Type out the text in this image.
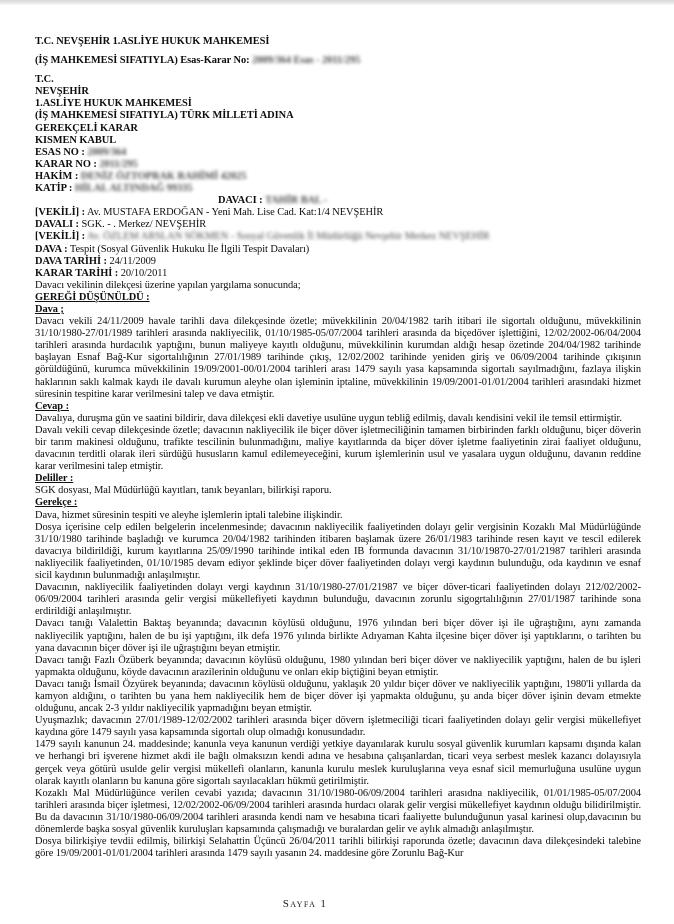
T.C. NEVŞEHİR 1.ASLİYE HUKUK MAHKEMESİ
(İŞ MAHKEMESİ SIFATIYLA) Esas-Karar No: 2009/364 Esas - 2011/295
T.C.
NEVŞEHİR
1.ASLİYE HUKUK MAHKEMESİ
(İŞ MAHKEMESİ SIFATIYLA) TÜRK MİLLETİ ADINA
GEREKÇELİ KARAR
KISMEN KABUL
ESAS NO : 2009/364
KARAR NO : 2011/295
HAKİM : DENİZ ÖZTOPRAK RAHİMİ 42025
KATİP : HİLAL ALTINDAĞ 99335
DAVACI : TAHİR BAL -
[VEKİLİ] : Av. MUSTAFA ERDOĞAN - Yeni Mah. Lise Cad. Kat:1/4 NEVŞEHİR
DAVALI : SGK. - . Merkez/ NEVŞEHİR
[VEKİLİ] : Av. ÖZLEM ARSLAN SÖKMEN - Sosyal Güvenlik İl Müdürlüğü Nevşehir Merkez NEVŞEHİR
DAVA : Tespit (Sosyal Güvenlik Hukuku İle İlgili Tespit Davaları)
DAVA TARİHİ : 24/11/2009
KARAR TARİHİ : 20/10/2011

Davacı vekilinin dilekçesi üzerine yapılan yargılama sonucunda;

GEREĞİ DÜŞÜNÜLDÜ :
Dava ;

Davacı vekili 24/11/2009 havale tarihli dava dilekçesinde özetle; müvekkilinin 20/04/1982 tarih itibari ile sigortalı olduğunu, müvekkilinin 31/10/1980-27/01/1989 tarihleri arasında nakliyecilik, 01/10/1985-05/07/2004 tarihleri arasında da biçedöver işlettiğini, 12/02/2002-06/04/2004 tarihleri arasında hurdacılık yaptığını, bunun maliyeye kayıtlı olduğunu, müvekkilinin kurumdan aldığı hesap özetinde 204/04/1982 tarihinde başlayan Esnaf Bağ-Kur sigortalılığının 27/01/1989 tarihinde çıkış, 12/02/2002 tarihinde yeniden giriş ve 06/09/2004 tarihinde çıkışının görüldüğünü, kurumca müvekkilinin 19/09/2001-00/01/2004 tarihleri arası 1479 sayılı yasa kapsamında sigortalı sayılmadığını, fazlaya ilişkin haklarının saklı kalmak kaydı ile davalı kurumun aleyhe olan işleminin iptaline, müvekkilinin 19/09/2001-01/01/2004 tarihleri arasındaki hizmet süresinin tespitine karar verilmesini talep ve dava etmiştir.

Cevap :

Davalıya, duruşma gün ve saatini bildirir, dava dilekçesi ekli davetiye usulüne uygun tebliğ edilmiş, davalı kendisini vekil ile temsil ettirmiştir.

Davalı vekili cevap dilekçesinde özetle; davacının nakliyecilik ile biçer döver işletmeciliğinin tamamen birbirinden farklı olduğunu, biçer döverin bir tarım makinesi olduğunu, trafikte tescilinin bulunmadığını, maliye kayıtlarında da biçer döver işletme faaliyetinin zirai faaliyet olduğunu, davacının terditli olarak ileri sürdüğü hususların kamul edilemeyeceğini, kurum işlemlerinin usul ve yasalara uygun olduğunu, davanın reddine karar verilmesini talep etmiştir.

Deliller :

SGK dosyası, Mal Müdürlüğü kayıtları, tanık beyanları, bilirkişi raporu.

Gerekçe :

Dava, hizmet süresinin tespiti ve aleyhe işlemlerin iptali talebine ilişkindir.

Dosya içerisine celp edilen belgelerin incelenmesinde; davacının nakliyecilik faaliyetinden dolayı gelir vergisinin Kozaklı Mal Müdürlüğünde 31/10/1980 tarihinde başladığı ve kurumca 20/04/1982 tarihinden itibaren başlamak üzere 26/01/1983 tarihinde resen kayıt ve tescil edilerek davacıya bildirildiği, kurum kayıtlarına 25/09/1990 tarihinde intikal eden IB formunda davacının 31/10/19870-27/01/21987 tarihleri arasında nakliyecilik faaliyetinden, 01/10/1985 devam ediyor şeklinde biçer döver faaliyetinden dolayı vergi kaydının bulunduğu, oda kaydının ve esnaf sicil kaydının bulunmadığı anlaşılmıştır.

Davacının, nakliyecilik faaliyetinden dolayı vergi kaydının 31/10/1980-27/01/21987 ve biçer döver-ticari faaliyetinden dolayı 212/02/2002-06/09/2004 tarihleri arasında gelir vergisi mükellefiyeti kaydının bulunduğu, davacının zorunlu sigogrtalılığının 27/01/1987 tarihinde sona erdirildiği anlaşılmıştır.

Davacı tanığı Valalettin Baktaş beyanında; davacının köylüsü olduğunu, 1976 yılından beri biçer döver işi ile uğraştığını, aynı zamanda nakliyecilik yaptığını, halen de bu işi yaptığını, ilk defa 1976 yılında birlikte Adıyaman Kahta ilçesine biçer döver işi yaptıklarını, o tarihten bu yana davacının biçer döver işi ile uğraştığını beyan etmiştir.

Davacı tanığı Fazlı Özüberk beyanında; davacının köylüsü olduğunu, 1980 yılından beri biçer döver ve nakliyecilik yaptığını, halen de bu işleri yapmakta olduğunu, köyde davacının arazilerinin olduğunu ve onları ekip biçtiğini beyan etmiştir.

Davacı tanığı İsmail Özyürek beyanında; davacının köylüsü olduğunu, yaklaşık 20 yıldır biçer döver ve nakliyecilik yaptığını, 1980'li yıllarda da kamyon aldığını, o tarihten bu yana hem nakliyecilik hem de biçer döver işi yapmakta olduğunu, şu anda biçer döver işinin devam etmekte olduğunu, ancak 2-3 yıldır nakliyecilik yapmadığını beyan etmiştir.

Uyuşmazlık; davacının 27/01/1989-12/02/2002 tarihleri arasında biçer dövern işletmeciliği ticari faaliyetinden dolayı gelir vergisi mükellefiyet kaydına göre 1479 sayılı yasa kapsamında sigortalı olup olmadığı konusundadır.

1479 sayılı kanunun 24. maddesinde; kanunla veya kanunun verdiği yetkiye dayanılarak kurulu sosyal güvenlik kurumları kapsamı dışında kalan ve herhangi bri işverene hizmet akdi ile bağlı olmaksızın kendi adına ve hesabına çalışanlardan, ticari veya serbest meslek kazancı dolayısıyla gerçek veya götürü usulde gelir vergisi mükellefi olanların, kanunla kurulu meslek kuruluşlarına veya esnaf sicil memurluğuna usulüne uygun olarak kayıtlı olanların bu kanuna göre sigortalı sayılacakları hükmü getirilmiştir.

Kozaklı Mal Müdürlüğünce verilen cevabi yazıda; davacının 31/10/1980-06/09/2004 tarihleri arasıdna nakliyecilik, 01/01/1985-05/07/2004 tarihleri arasında biçer işletmesi, 12/02/2002-06/09/2004 tarihleri arasında hurdacı olarak gelir vergisi mükellefiyet kaydının olduğu bilidirilmiştir. Bu da davacının 31/10/1980-06/09/2004 tarihleri arasında kendi nam ve hesabına ticari faaliyette bulunduğunun yasal karinesi olup,davacının bu dönemlerde başka sosyal güvenlik kuruluşları kapsamında çalışmadığı ve buralardan gelir ve aylık almadığı anlaşılmıştır.

Dosya bilirkişiye tevdii edilmiş, bilirkişi Selahattin Üçüncü 26/04/2011 tarihli bilirkişi raporunda özetle; davacının dava dilekçesindeki talebine göre 19/09/2001-01/01/2004 tarihleri arasında 1479 sayılı yasanın 24. maddesine göre Zorunlu Bağ-Kur

Sayfa 1
